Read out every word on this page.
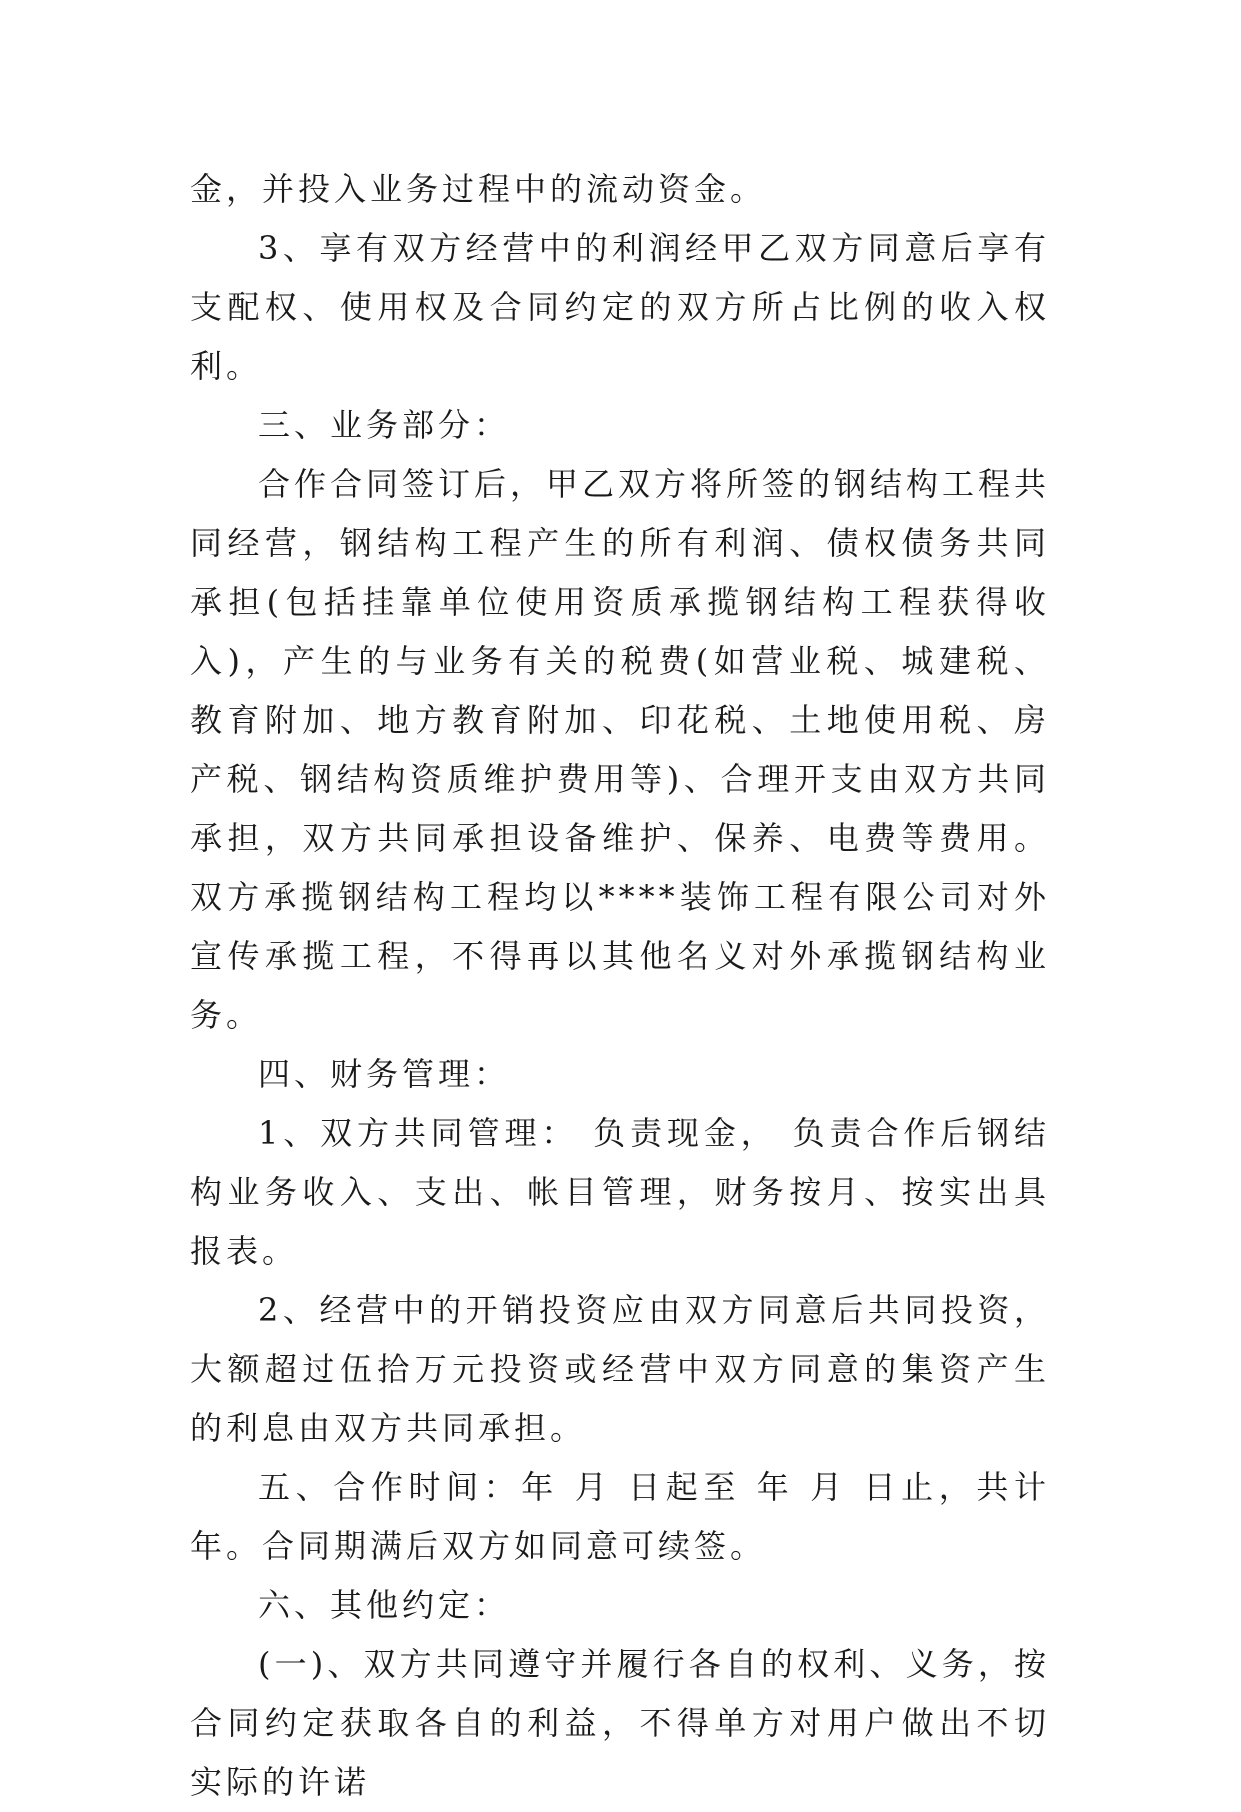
金，并投入业务过程中的流动资金。

3、享有双方经营中的利润经甲乙双方同意后享有支配权、使用权及合同约定的双方所占比例的收入权利。

三、业务部分：

合作合同签订后，甲乙双方将所签的钢结构工程共同经营，钢结构工程产生的所有利润、债权债务共同承担(包括挂靠单位使用资质承揽钢结构工程获得收入)，产生的与业务有关的税费(如营业税、城建税、教育附加、地方教育附加、印花税、土地使用税、房产税、钢结构资质维护费用等)、合理开支由双方共同承担，双方共同承担设备维护、保养、电费等费用。双方承揽钢结构工程均以****装饰工程有限公司对外宣传承揽工程，不得再以其他名义对外承揽钢结构业务。

四、财务管理：

1、双方共同管理： 负责现金， 负责合作后钢结构业务收入、支出、帐目管理，财务按月、按实出具报表。

2、经营中的开销投资应由双方同意后共同投资，大额超过伍拾万元投资或经营中双方同意的集资产生的利息由双方共同承担。

五、合作时间：年 月 日起至 年 月 日止，共计 年。合同期满后双方如同意可续签。

六、其他约定：

(一)、双方共同遵守并履行各自的权利、义务，按合同约定获取各自的利益，不得单方对用户做出不切实际的许诺
